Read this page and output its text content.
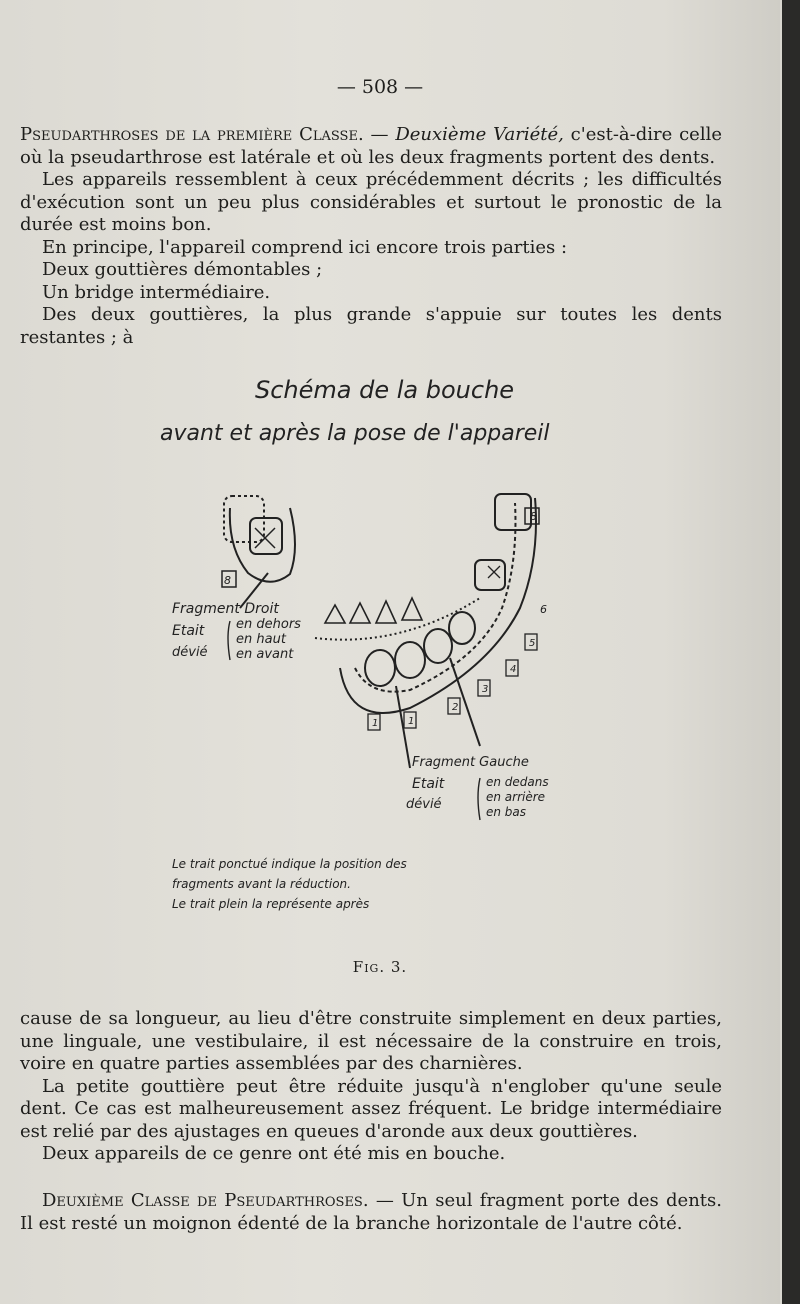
— 508 —

Pseudarthroses de la première Classe. — Deuxième Variété, c'est-à-dire celle où la pseudarthrose est latérale et où les deux fragments portent des dents.

Les appareils ressemblent à ceux précédemment décrits ; les difficultés d'exécution sont un peu plus considérables et surtout le pronostic de la durée est moins bon.

En principe, l'appareil comprend ici encore trois parties :

Deux gouttières démontables ;

Un bridge intermédiaire.

Des deux gouttières, la plus grande s'appuie sur toutes les dents restantes ; à

Schéma de la bouche
avant et après la pose de l'appareil
8
Fragment Droit
Etait
dévié
en dehors
en haut
en avant
8
6
5
4
3
2
1	1
Fragment Gauche
Etait
dévié
en dedans
en arrière
en bas
Le trait ponctué indique la position des
fragments avant la réduction.
Le trait plein la représente après
Fig. 3.

cause de sa longueur, au lieu d'être construite simplement en deux parties, une linguale, une vestibulaire, il est nécessaire de la construire en trois, voire en quatre parties assemblées par des charnières.

La petite gouttière peut être réduite jusqu'à n'englober qu'une seule dent. Ce cas est malheureusement assez fréquent. Le bridge intermédiaire est relié par des ajustages en queues d'aronde aux deux gouttières.

Deux appareils de ce genre ont été mis en bouche.

Deuxième Classe de Pseudarthroses. — Un seul fragment porte des dents. Il est resté un moignon édenté de la branche horizontale de l'autre côté.
